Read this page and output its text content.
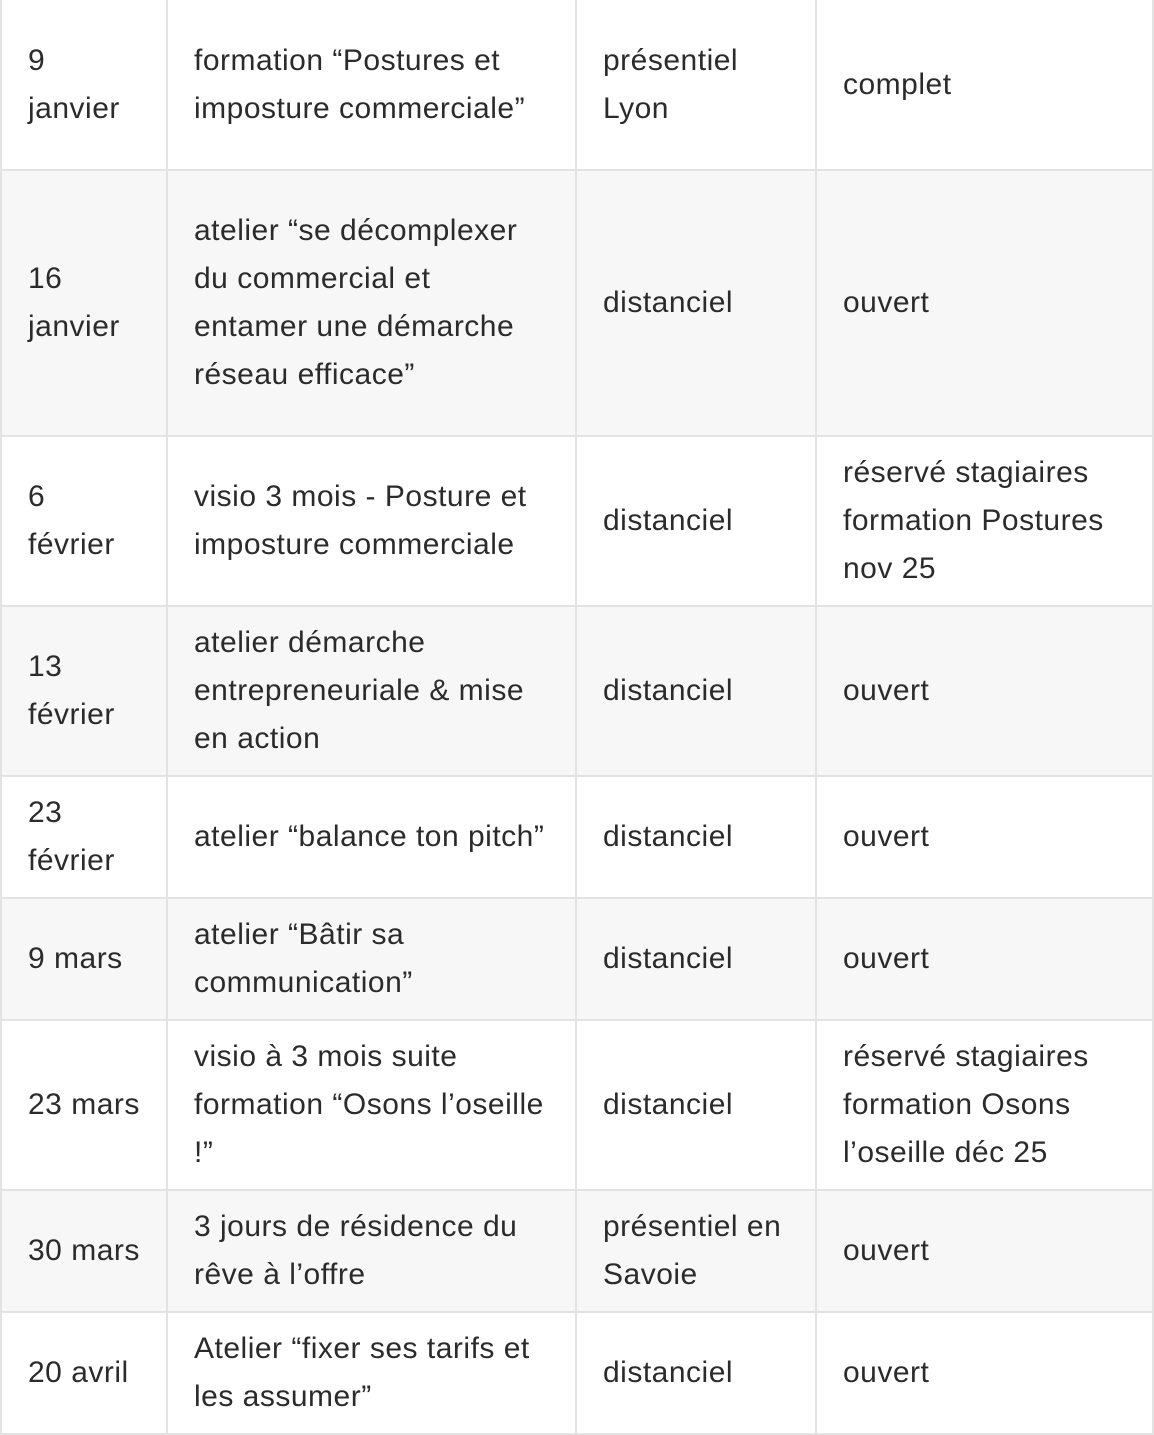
9 janvier	formation “Postures et imposture commerciale”	présentiel Lyon	complet
16 janvier	atelier “se décomplexer du commercial et entamer une démarche réseau efficace”	distanciel	ouvert
6 février	visio 3 mois - Posture et imposture commerciale	distanciel	réservé stagiaires formation Postures nov 25
13 février	atelier démarche entrepreneuriale & mise en action	distanciel	ouvert
23 février	atelier “balance ton pitch”	distanciel	ouvert
9 mars	atelier “Bâtir sa communication”	distanciel	ouvert
23 mars	visio à 3 mois suite formation “Osons l’oseille !”	distanciel	réservé stagiaires formation Osons l’oseille déc 25
30 mars	3 jours de résidence du rêve à l’offre	présentiel en Savoie	ouvert
20 avril	Atelier “fixer ses tarifs et les assumer”	distanciel	ouvert
